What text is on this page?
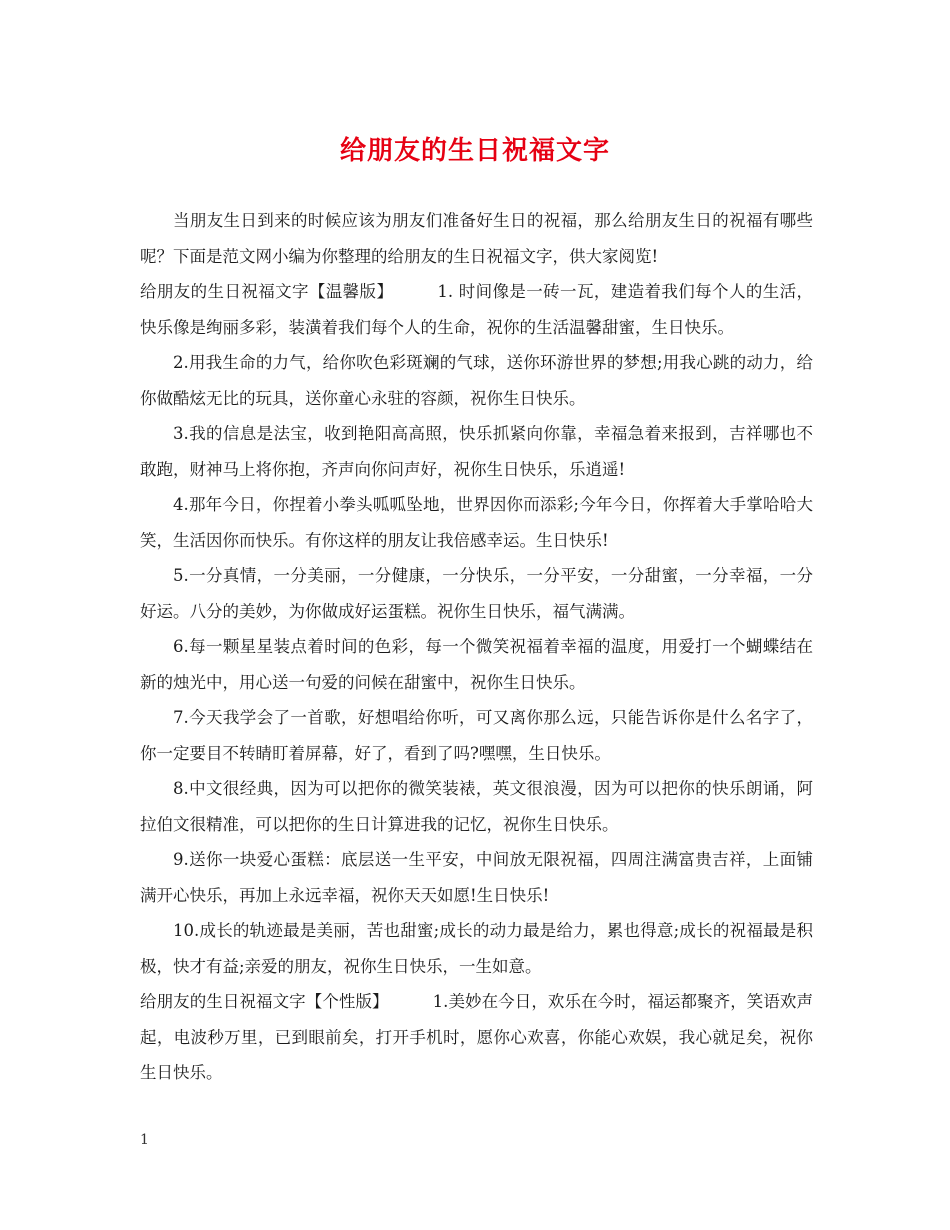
给朋友的生日祝福文字

当朋友生日到来的时候应该为朋友们准备好生日的祝福，那么给朋友生日的祝福有哪些呢？下面是范文网小编为你整理的给朋友的生日祝福文字，供大家阅览!

给朋友的生日祝福文字【温馨版】	1. 时间像是一砖一瓦，建造着我们每个人的生活，快乐像是绚丽多彩，装潢着我们每个人的生命，祝你的生活温馨甜蜜，生日快乐。

2.用我生命的力气，给你吹色彩斑斓的气球，送你环游世界的梦想;用我心跳的动力，给你做酷炫无比的玩具，送你童心永驻的容颜，祝你生日快乐。

3.我的信息是法宝，收到艳阳高高照，快乐抓紧向你靠，幸福急着来报到，吉祥哪也不敢跑，财神马上将你抱，齐声向你问声好，祝你生日快乐，乐逍遥!

4.那年今日，你捏着小拳头呱呱坠地，世界因你而添彩;今年今日，你挥着大手掌哈哈大笑，生活因你而快乐。有你这样的朋友让我倍感幸运。生日快乐!

5.一分真情，一分美丽，一分健康，一分快乐，一分平安，一分甜蜜，一分幸福，一分好运。八分的美妙，为你做成好运蛋糕。祝你生日快乐，福气满满。

6.每一颗星星装点着时间的色彩，每一个微笑祝福着幸福的温度，用爱打一个蝴蝶结在新的烛光中，用心送一句爱的问候在甜蜜中，祝你生日快乐。

7.今天我学会了一首歌，好想唱给你听，可又离你那么远，只能告诉你是什么名字了，你一定要目不转睛盯着屏幕，好了，看到了吗?嘿嘿，生日快乐。

8.中文很经典，因为可以把你的微笑装裱，英文很浪漫，因为可以把你的快乐朗诵，阿拉伯文很精准，可以把你的生日计算进我的记忆，祝你生日快乐。

9.送你一块爱心蛋糕：底层送一生平安，中间放无限祝福，四周注满富贵吉祥，上面铺满开心快乐，再加上永远幸福，祝你天天如愿!生日快乐!

10.成长的轨迹最是美丽，苦也甜蜜;成长的动力最是给力，累也得意;成长的祝福最是积极，快才有益;亲爱的朋友，祝你生日快乐，一生如意。

给朋友的生日祝福文字【个性版】	1.美妙在今日，欢乐在今时，福运都聚齐，笑语欢声起，电波秒万里，已到眼前矣，打开手机时，愿你心欢喜，你能心欢娱，我心就足矣，祝你生日快乐。

1
